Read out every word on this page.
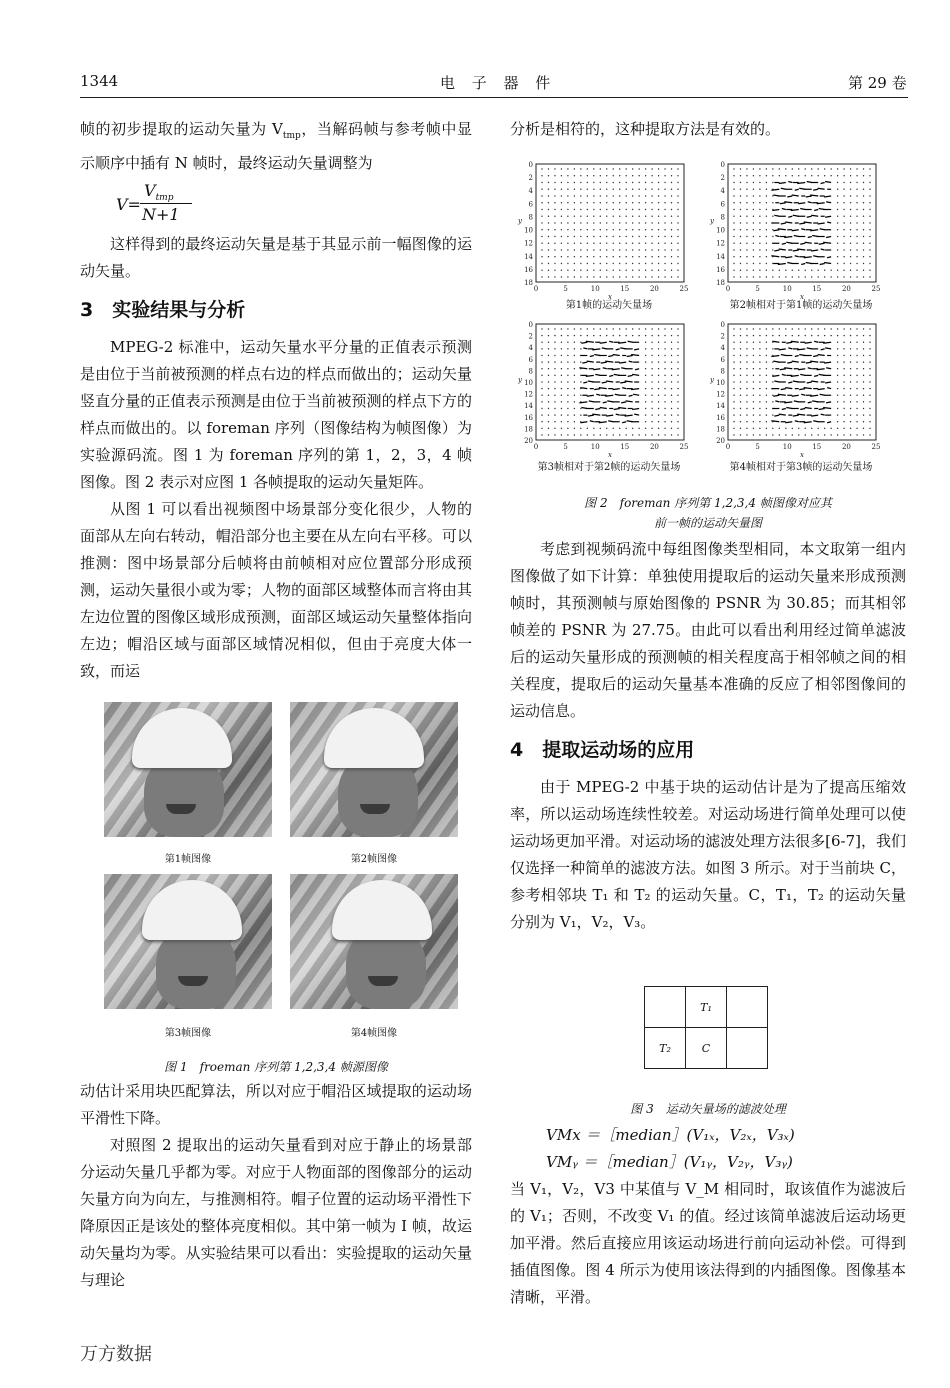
1344	电 子 器 件	第 29 卷

帧的初步提取的运动矢量为 $V_{tmp}$，当解码帧与参考帧中显示顺序中插有 N 帧时，最终运动矢量调整为

V=
$V_{tmp}$
N+1

这样得到的最终运动矢量是基于其显示前一幅图像的运动矢量。

3　实验结果与分析

MPEG-2 标准中，运动矢量水平分量的正值表示预测是由位于当前被预测的样点右边的样点而做出的；运动矢量竖直分量的正值表示预测是由位于当前被预测的样点下方的样点而做出的。以 foreman 序列（图像结构为帧图像）为实验源码流。图 1 为 foreman 序列的第 1，2，3，4 帧图像。图 2 表示对应图 1 各帧提取的运动矢量矩阵。

从图 1 可以看出视频图中场景部分变化很少，人物的面部从左向右转动，帽沿部分也主要在从左向右平移。可以推测：图中场景部分后帧将由前帧相对应位置部分形成预测，运动矢量很小或为零；人物的面部区域整体而言将由其左边位置的图像区域形成预测，面部区域运动矢量整体指向左边；帽沿区域与面部区域情况相似，但由于亮度大体一致，而运

第1帧图像	第2帧图像
第3帧图像	第4帧图像
图 1　froeman 序列第 1,2,3,4 帧源图像

动估计采用块匹配算法，所以对应于帽沿区域提取的运动场平滑性下降。

对照图 2 提取出的运动矢量看到对应于静止的场景部分运动矢量几乎都为零。对应于人物面部的图像部分的运动矢量方向为向左，与推测相符。帽子位置的运动场平滑性下降原因正是该处的整体亮度相似。其中第一帧为 I 帧，故运动矢量均为零。从实验结果可以看出：实验提取的运动矢量与理论

分析是相符的，这种提取方法是有效的。
0	5	10	15	20	25
x
0
2
4
6
8
10
12
14
16
18
y
0	5	10	15	20	25
x
0
2
4
6
8
10
12
14
16
18
y
0	5	10	15	20	25
x
0
2
4
6
8
10
12
14
16
18
20
y
0	5	10	15	20	25
x
0
2
4
6
8
10
12
14
16
18
20
y
第1帧的运动矢量场	第2帧相对于第1帧的运动矢量场
第3帧相对于第2帧的运动矢量场	第4帧相对于第3帧的运动矢量场
图 2　foreman 序列第 1,2,3,4 帧图像对应其
前一帧的运动矢量图

考虑到视频码流中每组图像类型相同，本文取第一组内图像做了如下计算：单独使用提取后的运动矢量来形成预测帧时，其预测帧与原始图像的 PSNR 为 30.85；而其相邻帧差的 PSNR 为 27.75。由此可以看出利用经过简单滤波后的运动矢量形成的预测帧的相关程度高于相邻帧之间的相关程度，提取后的运动矢量基本准确的反应了相邻图像间的运动信息。

4　提取运动场的应用

由于 MPEG-2 中基于块的运动估计是为了提高压缩效率，所以运动场连续性较差。对运动场进行简单处理可以使运动场更加平滑。对运动场的滤波处理方法很多[6-7]，我们仅选择一种简单的滤波方法。如图 3 所示。对于当前块 C，参考相邻块 T₁ 和 T₂ 的运动矢量。C，T₁，T₂ 的运动矢量分别为 V₁，V₂，V₃。

	T₁	
T₂	C	
图 3　运动矢量场的滤波处理

VMx ＝［median］(V₁ₓ，V₂ₓ，V₃ₓ)

VMᵧ ＝［median］(V₁ᵧ，V₂ᵧ，V₃ᵧ)

当 V₁，V₂，V3 中某值与 V_M 相同时，取该值作为滤波后的 V₁；否则，不改变 V₁ 的值。经过该简单滤波后运动场更加平滑。然后直接应用该运动场进行前向运动补偿。可得到插值图像。图 4 所示为使用该法得到的内插图像。图像基本清晰，平滑。
万方数据
